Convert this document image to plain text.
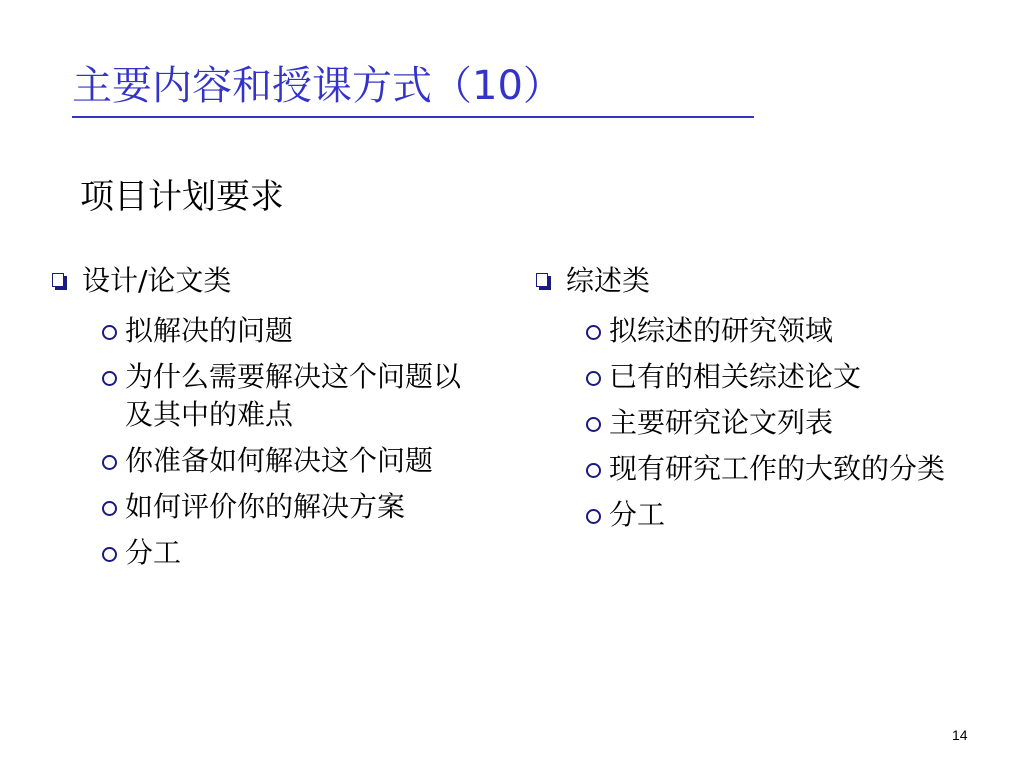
主要内容和授课方式（10）
项目计划要求
设计/论文类
拟解决的问题
为什么需要解决这个问题以及其中的难点
你准备如何解决这个问题
如何评价你的解决方案
分工
综述类
拟综述的研究领域
已有的相关综述论文
主要研究论文列表
现有研究工作的大致的分类
分工
14
